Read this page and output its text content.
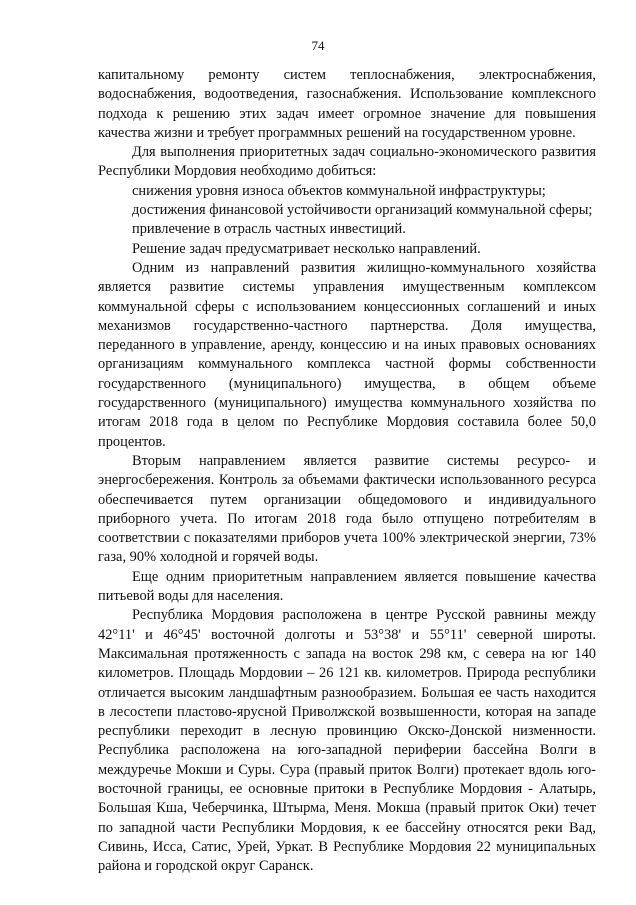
74

капитальному ремонту систем теплоснабжения, электроснабжения, водоснабжения, водоотведения, газоснабжения. Использование комплексного подхода к решению этих задач имеет огромное значение для повышения качества жизни и требует программных решений на государственном уровне.

Для выполнения приоритетных задач социально-экономического развития Республики Мордовия необходимо добиться:

снижения уровня износа объектов коммунальной инфраструктуры;

достижения финансовой устойчивости организаций коммунальной сферы;

привлечение в отрасль частных инвестиций.

Решение задач предусматривает несколько направлений.

Одним из направлений развития жилищно-коммунального хозяйства является развитие системы управления имущественным комплексом коммунальной сферы с использованием концессионных соглашений и иных механизмов государственно-частного партнерства. Доля имущества, переданного в управление, аренду, концессию и на иных правовых основаниях организациям коммунального комплекса частной формы собственности государственного (муниципального) имущества, в общем объеме государственного (муниципального) имущества коммунального хозяйства по итогам 2018 года в целом по Республике Мордовия составила более 50,0 процентов.

Вторым направлением является развитие системы ресурсо- и энергосбережения. Контроль за объемами фактически использованного ресурса обеспечивается путем организации общедомового и индивидуального приборного учета. По итогам 2018 года было отпущено потребителям в соответствии с показателями приборов учета 100% электрической энергии, 73% газа, 90% холодной и горячей воды.

Еще одним приоритетным направлением является повышение качества питьевой воды для населения.

Республика Мордовия расположена в центре Русской равнины между 42°11' и 46°45' восточной долготы и 53°38' и 55°11' северной широты. Максимальная протяженность с запада на восток 298 км, с севера на юг 140 километров. Площадь Мордовии – 26 121 кв. километров. Природа республики отличается высоким ландшафтным разнообразием. Большая ее часть находится в лесостепи пластово-ярусной Приволжской возвышенности, которая на западе республики переходит в лесную провинцию Окско-Донской низменности. Республика расположена на юго-западной периферии бассейна Волги в междуречье Мокши и Суры. Сура (правый приток Волги) протекает вдоль юго-восточной границы, ее основные притоки в Республике Мордовия - Алатырь, Большая Кша, Чеберчинка, Штырма, Меня. Мокша (правый приток Оки) течет по западной части Республики Мордовия, к ее бассейну относятся реки Вад, Сивинь, Исса, Сатис, Урей, Уркат. В Республике Мордовия 22 муниципальных района и городской округ Саранск.
